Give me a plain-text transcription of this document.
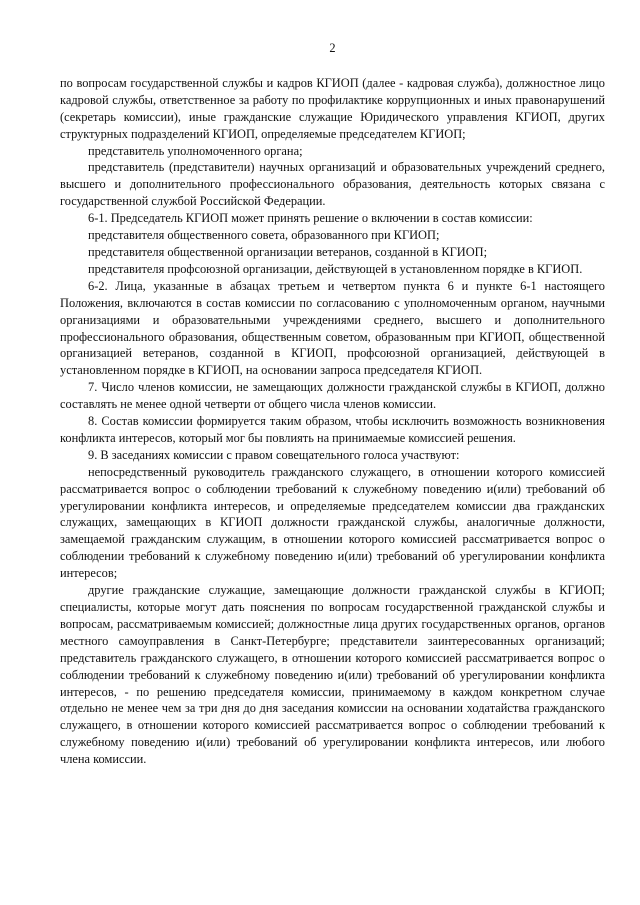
2

по вопросам государственной службы и кадров КГИОП (далее - кадровая служба), должностное лицо кадровой службы, ответственное за работу по профилактике коррупционных и иных правонарушений (секретарь комиссии), иные гражданские служащие Юридического управления КГИОП, других структурных подразделений КГИОП, определяемые председателем КГИОП;

представитель уполномоченного органа;

представитель (представители) научных организаций и образовательных учреждений среднего, высшего и дополнительного профессионального образования, деятельность которых связана с государственной службой Российской Федерации.

6-1. Председатель КГИОП может принять решение о включении в состав комиссии:

представителя общественного совета, образованного при КГИОП;

представителя общественной организации ветеранов, созданной в КГИОП;

представителя профсоюзной организации, действующей в установленном порядке в КГИОП.

6-2. Лица, указанные в абзацах третьем и четвертом пункта 6 и пункте 6-1 настоящего Положения, включаются в состав комиссии по согласованию с уполномоченным органом, научными организациями и образовательными учреждениями среднего, высшего и дополнительного профессионального образования, общественным советом, образованным при КГИОП, общественной организацией ветеранов, созданной в КГИОП, профсоюзной организацией, действующей в установленном порядке в КГИОП, на основании запроса председателя КГИОП.

7. Число членов комиссии, не замещающих должности гражданской службы в КГИОП, должно составлять не менее одной четверти от общего числа членов комиссии.

8. Состав комиссии формируется таким образом, чтобы исключить возможность возникновения конфликта интересов, который мог бы повлиять на принимаемые комиссией решения.

9. В заседаниях комиссии с правом совещательного голоса участвуют:

непосредственный руководитель гражданского служащего, в отношении которого комиссией рассматривается вопрос о соблюдении требований к служебному поведению и(или) требований об урегулировании конфликта интересов, и определяемые председателем комиссии два гражданских служащих, замещающих в КГИОП должности гражданской службы, аналогичные должности, замещаемой гражданским служащим, в отношении которого комиссией рассматривается вопрос о соблюдении требований к служебному поведению и(или) требований об урегулировании конфликта интересов;

другие гражданские служащие, замещающие должности гражданской службы в КГИОП; специалисты, которые могут дать пояснения по вопросам государственной гражданской службы и вопросам, рассматриваемым комиссией; должностные лица других государственных органов, органов местного самоуправления в Санкт-Петербурге; представители заинтересованных организаций; представитель гражданского служащего, в отношении которого комиссией рассматривается вопрос о соблюдении требований к служебному поведению и(или) требований об урегулировании конфликта интересов, - по решению председателя комиссии, принимаемому в каждом конкретном случае отдельно не менее чем за три дня до дня заседания комиссии на основании ходатайства гражданского служащего, в отношении которого комиссией рассматривается вопрос о соблюдении требований к служебному поведению и(или) требований об урегулировании конфликта интересов, или любого члена комиссии.
